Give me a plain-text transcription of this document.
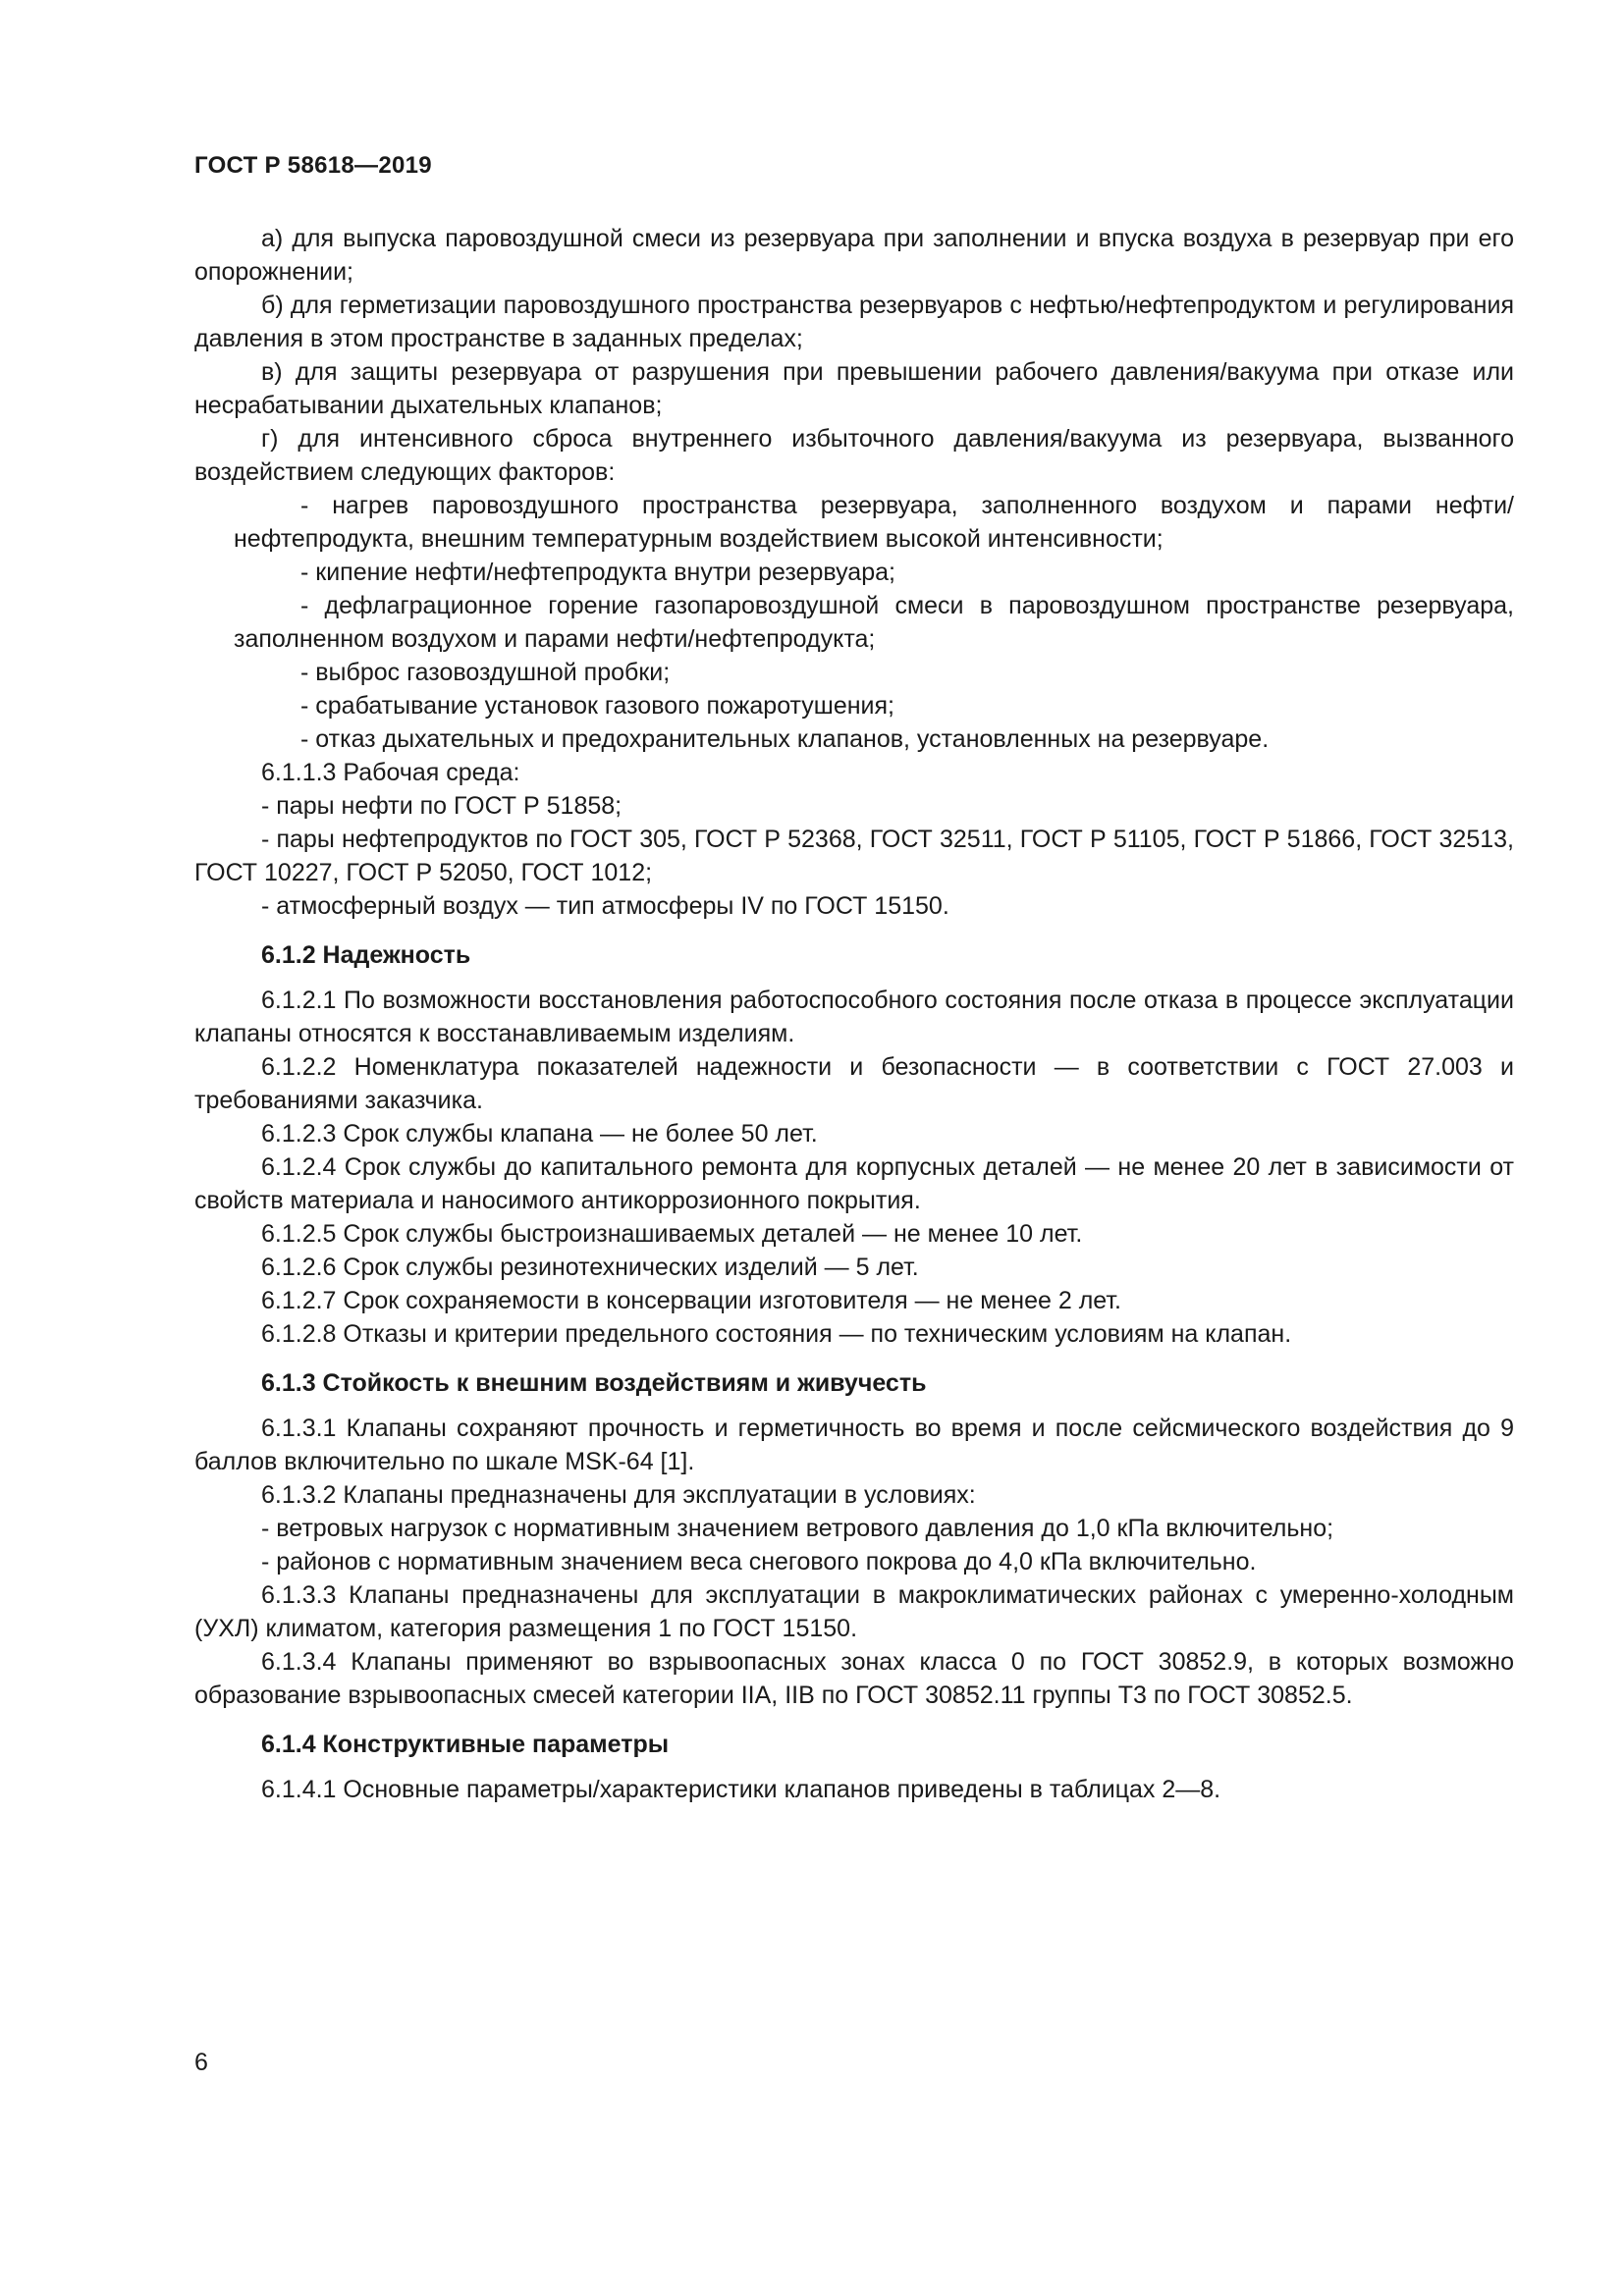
ГОСТ Р 58618—2019

а) для выпуска паровоздушной смеси из резервуара при заполнении и впуска воздуха в резервуар при его опорожнении;

б) для герметизации паровоздушного пространства резервуаров с нефтью/нефтепродуктом и регулирования давления в этом пространстве в заданных пределах;

в) для защиты резервуара от разрушения при превышении рабочего давления/вакуума при отказе или несрабатывании дыхательных клапанов;

г) для интенсивного сброса внутреннего избыточного давления/вакуума из резервуара, вызванного воздействием следующих факторов:

- нагрев паровоздушного пространства резервуара, заполненного воздухом и парами нефти/нефтепродукта, внешним температурным воздействием высокой интенсивности;

- кипение нефти/нефтепродукта внутри резервуара;

- дефлаграционное горение газопаровоздушной смеси в паровоздушном пространстве резервуара, заполненном воздухом и парами нефти/нефтепродукта;

- выброс газовоздушной пробки;

- срабатывание установок газового пожаротушения;

- отказ дыхательных и предохранительных клапанов, установленных на резервуаре.

6.1.1.3 Рабочая среда:

- пары нефти по ГОСТ Р 51858;

- пары нефтепродуктов по ГОСТ 305, ГОСТ Р 52368, ГОСТ 32511, ГОСТ Р 51105, ГОСТ Р 51866, ГОСТ 32513, ГОСТ 10227, ГОСТ Р 52050, ГОСТ 1012;

- атмосферный воздух — тип атмосферы IV по ГОСТ 15150.

6.1.2 Надежность

6.1.2.1 По возможности восстановления работоспособного состояния после отказа в процессе эксплуатации клапаны относятся к восстанавливаемым изделиям.

6.1.2.2 Номенклатура показателей надежности и безопасности — в соответствии с ГОСТ 27.003 и требованиями заказчика.

6.1.2.3 Срок службы клапана — не более 50 лет.

6.1.2.4 Срок службы до капитального ремонта для корпусных деталей — не менее 20 лет в зависимости от свойств материала и наносимого антикоррозионного покрытия.

6.1.2.5 Срок службы быстроизнашиваемых деталей — не менее 10 лет.

6.1.2.6 Срок службы резинотехнических изделий — 5 лет.

6.1.2.7 Срок сохраняемости в консервации изготовителя — не менее 2 лет.

6.1.2.8 Отказы и критерии предельного состояния — по техническим условиям на клапан.

6.1.3 Стойкость к внешним воздействиям и живучесть

6.1.3.1 Клапаны сохраняют прочность и герметичность во время и после сейсмического воздействия до 9 баллов включительно по шкале MSK-64 [1].

6.1.3.2 Клапаны предназначены для эксплуатации в условиях:

- ветровых нагрузок с нормативным значением ветрового давления до 1,0 кПа включительно;

- районов с нормативным значением веса снегового покрова до 4,0 кПа включительно.

6.1.3.3 Клапаны предназначены для эксплуатации в макроклиматических районах с умеренно-холодным (УХЛ) климатом, категория размещения 1 по ГОСТ 15150.

6.1.3.4 Клапаны применяют во взрывоопасных зонах класса 0 по ГОСТ 30852.9, в которых возможно образование взрывоопасных смесей категории IIA, IIB по ГОСТ 30852.11 группы Т3 по ГОСТ 30852.5.

6.1.4 Конструктивные параметры

6.1.4.1 Основные параметры/характеристики клапанов приведены в таблицах 2—8.

6
